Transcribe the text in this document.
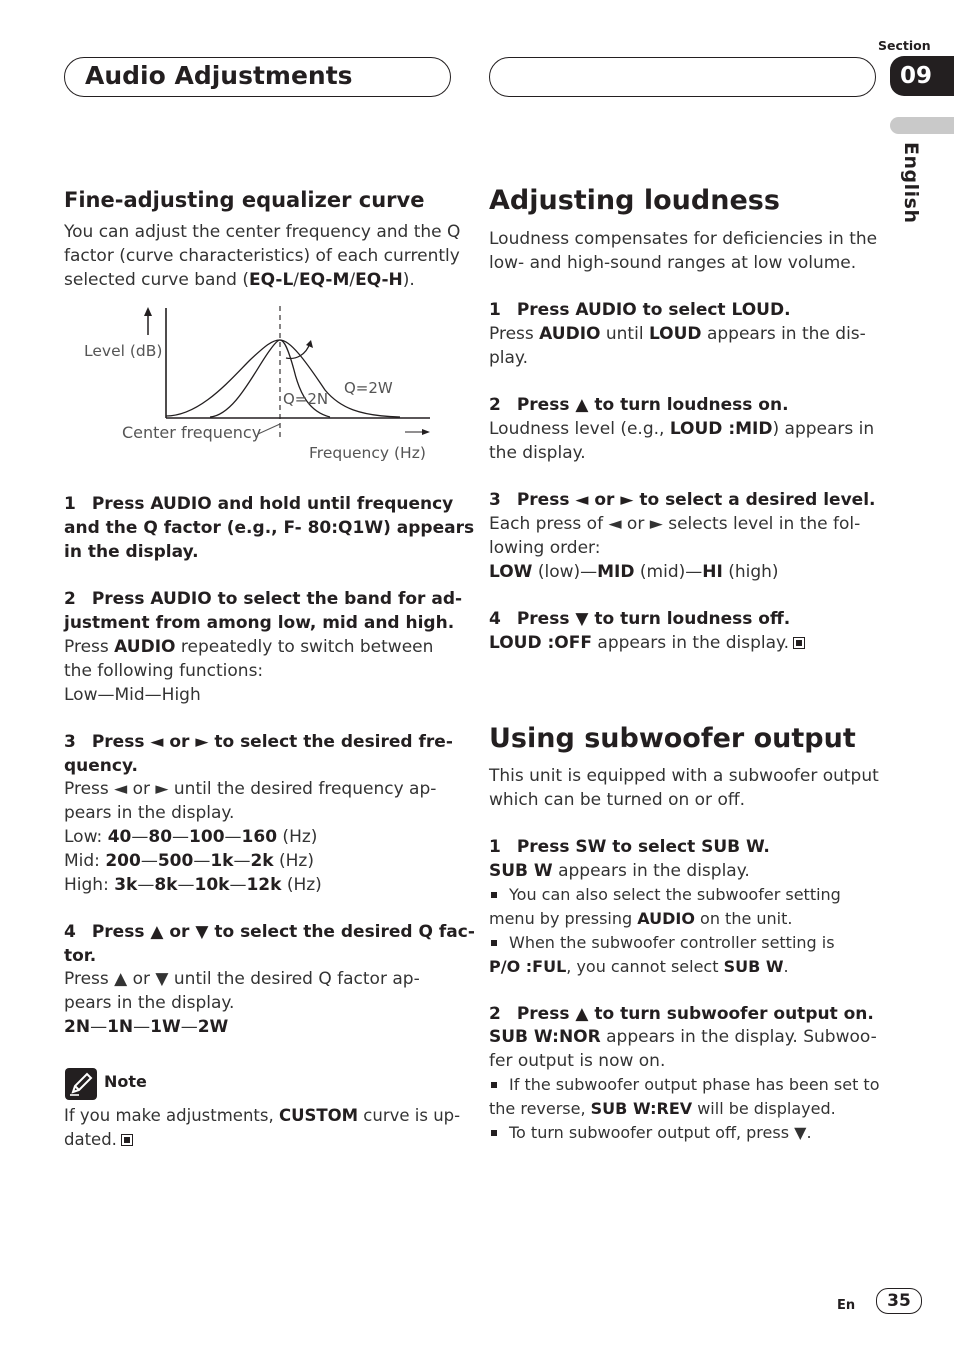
Audio Adjustments
Section
09
English
Fine-adjusting equalizer curve

You can adjust the center frequency and the Q
factor (curve characteristics) of each currently
selected curve band (EQ-L/EQ-M/EQ-H).

Level (dB)
Q=2N
Q=2W
Center frequency
Frequency (Hz)

1 Press AUDIO and hold until frequency
and the Q factor (e.g., F- 80:Q1W) appears
in the display.

2 Press AUDIO to select the band for ad-
justment from among low, mid and high.

Press AUDIO repeatedly to switch between
the following functions:
Low—Mid—High

3 Press ◄ or ► to select the desired fre-
quency.

Press ◄ or ► until the desired frequency ap-
pears in the display.
Low: 40—80—100—160 (Hz)
Mid: 200—500—1k—2k (Hz)
High: 3k—8k—10k—12k (Hz)

4 Press ▲ or ▼ to select the desired Q fac-
tor.

Press ▲ or ▼ until the desired Q factor ap-
pears in the display.
2N—1N—1W—2W

Note

If you make adjustments, CUSTOM curve is up-
dated.

Adjusting loudness

Loudness compensates for deficiencies in the
low- and high-sound ranges at low volume.

1 Press AUDIO to select LOUD.

Press AUDIO until LOUD appears in the dis-
play.

2 Press ▲ to turn loudness on.

Loudness level (e.g., LOUD :MID) appears in
the display.

3 Press ◄ or ► to select a desired level.

Each press of ◄ or ► selects level in the fol-
lowing order:
LOW (low)—MID (mid)—HI (high)

4 Press ▼ to turn loudness off.

LOUD :OFF appears in the display.

Using subwoofer output

This unit is equipped with a subwoofer output
which can be turned on or off.

1 Press SW to select SUB W.

SUB W appears in the display.

You can also select the subwoofer setting
menu by pressing AUDIO on the unit.
When the subwoofer controller setting is
P/O :FUL, you cannot select SUB W.

2 Press ▲ to turn subwoofer output on.

SUB W:NOR appears in the display. Subwoo-
fer output is now on.

If the subwoofer output phase has been set to
the reverse, SUB W:REV will be displayed.
To turn subwoofer output off, press ▼.

En	35
